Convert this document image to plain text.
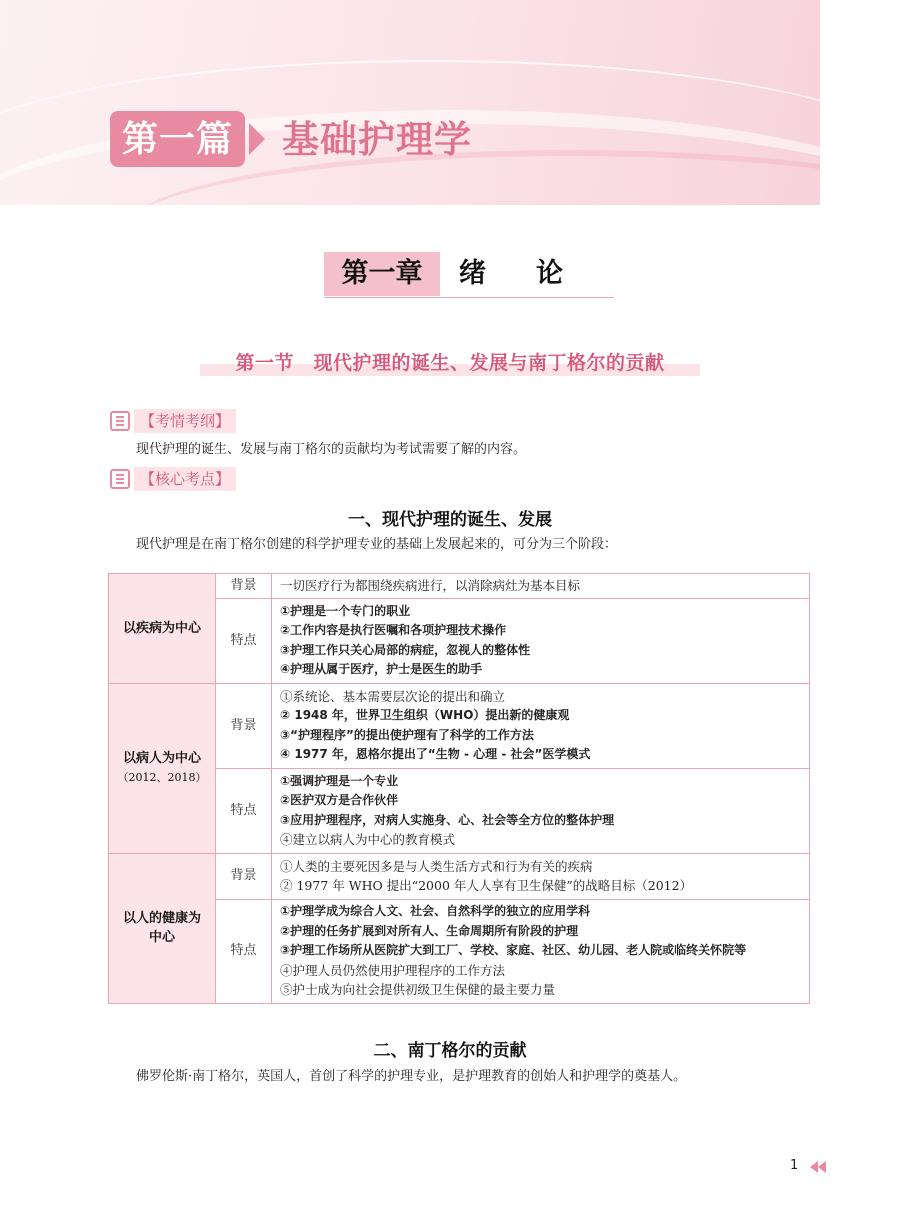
第一篇	基础护理学
第一章	绪论
第一节　现代护理的诞生、发展与南丁格尔的贡献
【考情考纲】
现代护理的诞生、发展与南丁格尔的贡献均为考试需要了解的内容。
【核心考点】
一、现代护理的诞生、发展
现代护理是在南丁格尔创建的科学护理专业的基础上发展起来的，可分为三个阶段：
以疾病为中心	背景	一切医疗行为都围绕疾病进行，以消除病灶为基本目标

	特点	①护理是一个专门的职业
②工作内容是执行医嘱和各项护理技术操作
③护理工作只关心局部的病症，忽视人的整体性
④护理从属于医疗，护士是医生的助手

以病人为中心
（2012、2018）	背景	①系统论、基本需要层次论的提出和确立
② 1948 年，世界卫生组织（WHO）提出新的健康观
③“护理程序”的提出使护理有了科学的工作方法
④ 1977 年，恩格尔提出了“生物 - 心理 - 社会”医学模式

	特点	①强调护理是一个专业
②医护双方是合作伙伴
③应用护理程序，对病人实施身、心、社会等全方位的整体护理
④建立以病人为中心的教育模式

以人的健康为中心	背景	①人类的主要死因多是与人类生活方式和行为有关的疾病
② 1977 年 WHO 提出“2000 年人人享有卫生保健”的战略目标（2012）

	特点	①护理学成为综合人文、社会、自然科学的独立的应用学科
②护理的任务扩展到对所有人、生命周期所有阶段的护理
③护理工作场所从医院扩大到工厂、学校、家庭、社区、幼儿园、老人院或临终关怀院等
④护理人员仍然使用护理程序的工作方法
⑤护士成为向社会提供初级卫生保健的最主要力量
二、南丁格尔的贡献
佛罗伦斯·南丁格尔，英国人，首创了科学的护理专业，是护理教育的创始人和护理学的奠基人。
1
